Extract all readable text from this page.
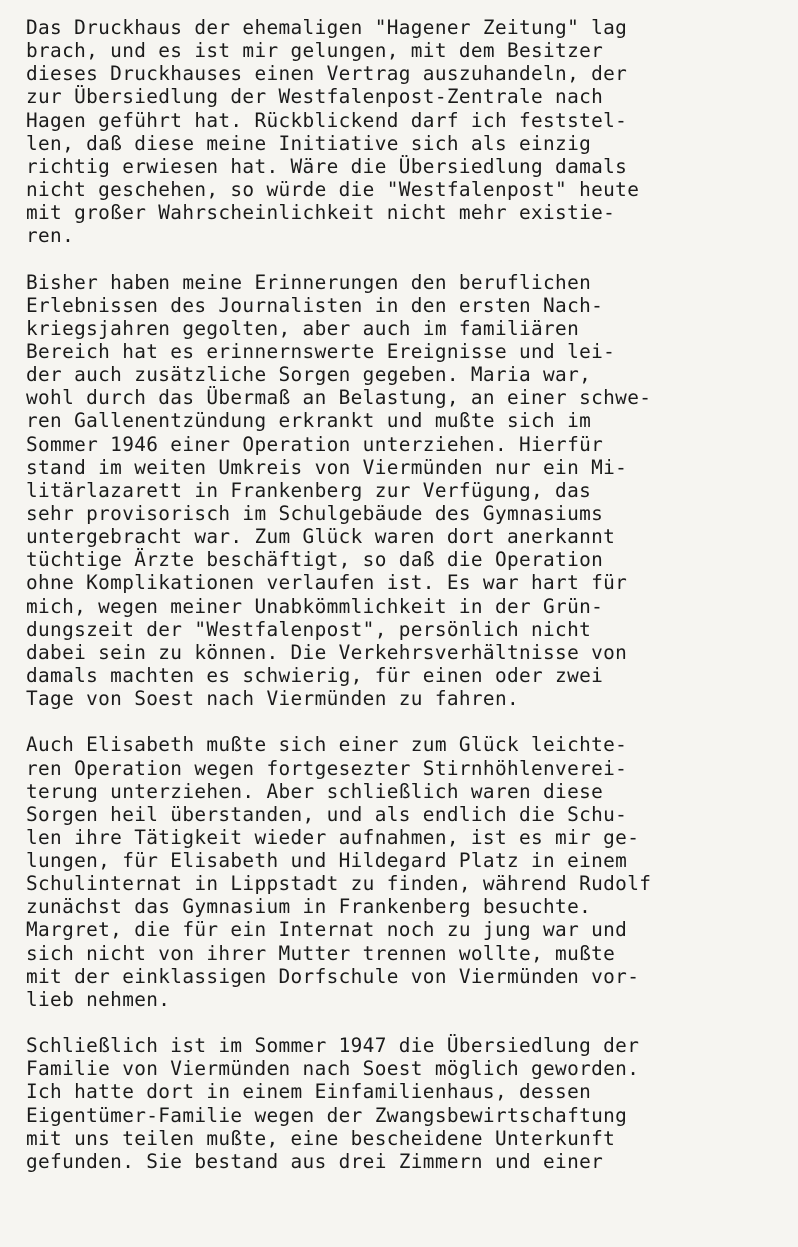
Das Druckhaus der ehemaligen "Hagener Zeitung" lag
brach, und es ist mir gelungen, mit dem Besitzer
dieses Druckhauses einen Vertrag auszuhandeln, der
zur Übersiedlung der Westfalenpost-Zentrale nach
Hagen geführt hat. Rückblickend darf ich feststel-
len, daß diese meine Initiative sich als einzig
richtig erwiesen hat. Wäre die Übersiedlung damals
nicht geschehen, so würde die "Westfalenpost" heute
mit großer Wahrscheinlichkeit nicht mehr existie-
ren.
Bisher haben meine Erinnerungen den beruflichen
Erlebnissen des Journalisten in den ersten Nach-
kriegsjahren gegolten, aber auch im familiären
Bereich hat es erinnernswerte Ereignisse und lei-
der auch zusätzliche Sorgen gegeben. Maria war,
wohl durch das Übermaß an Belastung, an einer schwe-
ren Gallenentzündung erkrankt und mußte sich im
Sommer 1946 einer Operation unterziehen. Hierfür
stand im weiten Umkreis von Viermünden nur ein Mi-
litärlazarett in Frankenberg zur Verfügung, das
sehr provisorisch im Schulgebäude des Gymnasiums
untergebracht war. Zum Glück waren dort anerkannt
tüchtige Ärzte beschäftigt, so daß die Operation
ohne Komplikationen verlaufen ist. Es war hart für
mich, wegen meiner Unabkömmlichkeit in der Grün-
dungszeit der "Westfalenpost", persönlich nicht
dabei sein zu können. Die Verkehrsverhältnisse von
damals machten es schwierig, für einen oder zwei
Tage von Soest nach Viermünden zu fahren.
Auch Elisabeth mußte sich einer zum Glück leichte-
ren Operation wegen fortgesezter Stirnhöhlenverei-
terung unterziehen. Aber schließlich waren diese
Sorgen heil überstanden, und als endlich die Schu-
len ihre Tätigkeit wieder aufnahmen, ist es mir ge-
lungen, für Elisabeth und Hildegard Platz in einem
Schulinternat in Lippstadt zu finden, während Rudolf
zunächst das Gymnasium in Frankenberg besuchte.
Margret, die für ein Internat noch zu jung war und
sich nicht von ihrer Mutter trennen wollte, mußte
mit der einklassigen Dorfschule von Viermünden vor-
lieb nehmen.
Schließlich ist im Sommer 1947 die Übersiedlung der
Familie von Viermünden nach Soest möglich geworden.
Ich hatte dort in einem Einfamilienhaus, dessen
Eigentümer-Familie wegen der Zwangsbewirtschaftung
mit uns teilen mußte, eine bescheidene Unterkunft
gefunden. Sie bestand aus drei Zimmern und einer
